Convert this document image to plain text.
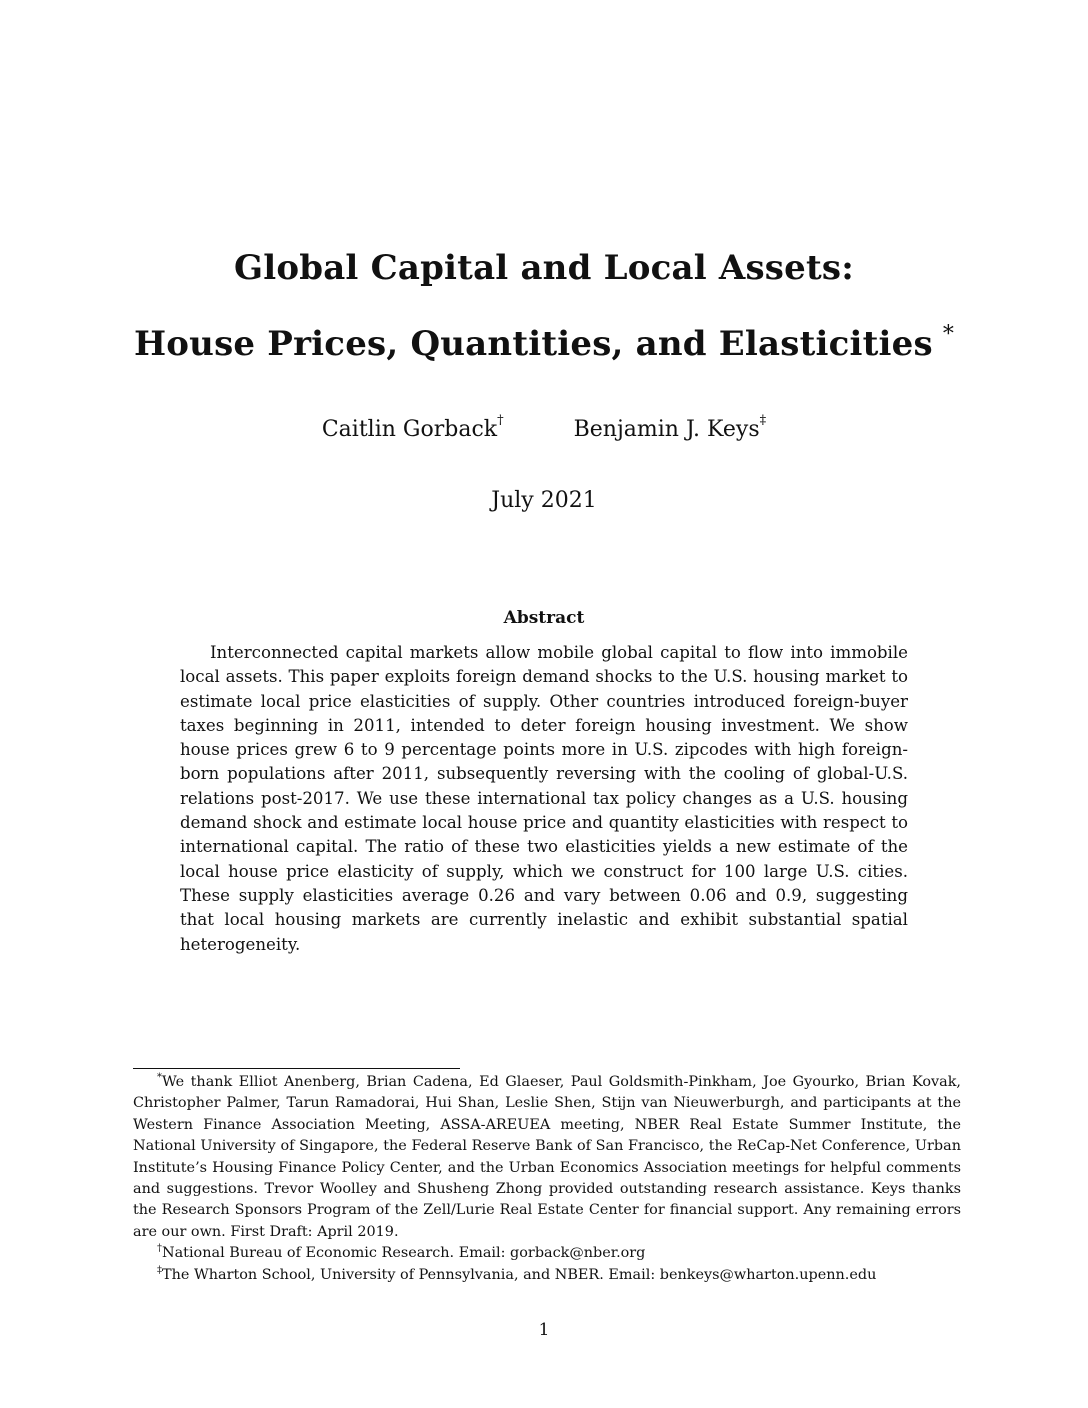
Global Capital and Local Assets:
House Prices, Quantities, and Elasticities *
Caitlin Gorback†	Benjamin J. Keys‡
July 2021
Abstract

Interconnected capital markets allow mobile global capital to flow into immobile local assets. This paper exploits foreign demand shocks to the U.S. housing market to estimate local price elasticities of supply. Other countries introduced foreign-buyer taxes beginning in 2011, intended to deter foreign housing investment. We show house prices grew 6 to 9 percentage points more in U.S. zipcodes with high foreign-born populations after 2011, subsequently reversing with the cooling of global-U.S. relations post-2017. We use these international tax policy changes as a U.S. housing demand shock and estimate local house price and quantity elasticities with respect to international capital. The ratio of these two elasticities yields a new estimate of the local house price elasticity of supply, which we construct for 100 large U.S. cities. These supply elasticities average 0.26 and vary between 0.06 and 0.9, suggesting that local housing markets are currently inelastic and exhibit substantial spatial heterogeneity.

*We thank Elliot Anenberg, Brian Cadena, Ed Glaeser, Paul Goldsmith-Pinkham, Joe Gyourko, Brian Kovak, Christopher Palmer, Tarun Ramadorai, Hui Shan, Leslie Shen, Stijn van Nieuwerburgh, and participants at the Western Finance Association Meeting, ASSA-AREUEA meeting, NBER Real Estate Summer Institute, the National University of Singapore, the Federal Reserve Bank of San Francisco, the ReCap-Net Conference, Urban Institute’s Housing Finance Policy Center, and the Urban Economics Association meetings for helpful comments and suggestions. Trevor Woolley and Shusheng Zhong provided outstanding research assistance. Keys thanks the Research Sponsors Program of the Zell/Lurie Real Estate Center for financial support. Any remaining errors are our own. First Draft: April 2019.

†National Bureau of Economic Research. Email: gorback@nber.org

‡The Wharton School, University of Pennsylvania, and NBER. Email: benkeys@wharton.upenn.edu

1
